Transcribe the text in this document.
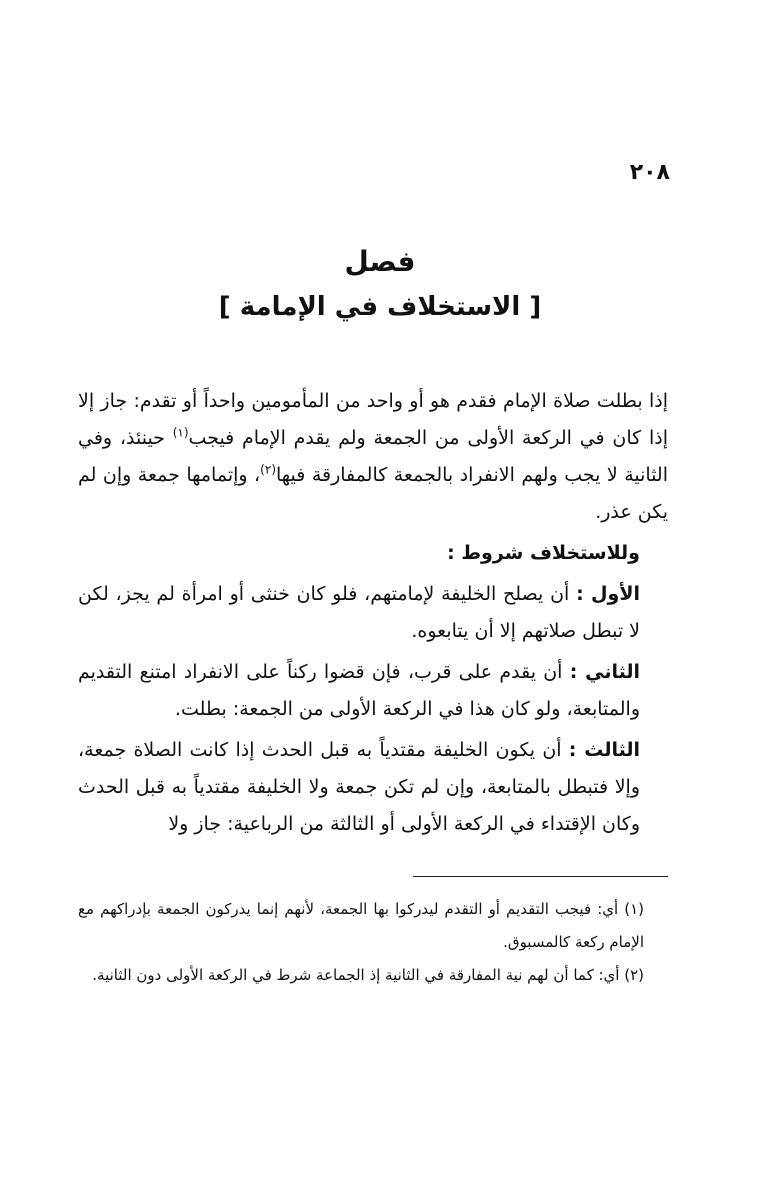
٢٠٨
فصل
[ الاستخلاف في الإمامة ]

إذا بطلت صلاة الإمام فقدم هو أو واحد من المأمومين واحداً أو تقدم: جاز إلا إذا كان في الركعة الأولى من الجمعة ولم يقدم الإمام فيجب$^{(١)}$ حينئذ، وفي الثانية لا يجب ولهم الانفراد بالجمعة كالمفارقة فيها$^{(٢)}$، وإتمامها جمعة وإن لم يكن عذر.

وللاستخلاف شروط :

الأول : أن يصلح الخليفة لإمامتهم، فلو كان خنثى أو امرأة لم يجز، لكن لا تبطل صلاتهم إلا أن يتابعوه.

الثاني : أن يقدم على قرب، فإن قضوا ركناً على الانفراد امتنع التقديم والمتابعة، ولو كان هذا في الركعة الأولى من الجمعة: بطلت.

الثالث : أن يكون الخليفة مقتدياً به قبل الحدث إذا كانت الصلاة جمعة، وإلا فتبطل بالمتابعة، وإن لم تكن جمعة ولا الخليفة مقتدياً به قبل الحدث وكان الإقتداء في الركعة الأولى أو الثالثة من الرباعية: جاز ولا

(١) أي: فيجب التقديم أو التقدم ليدركوا بها الجمعة، لأنهم إنما يدركون الجمعة بإدراكهم مع الإمام ركعة كالمسبوق.

(٢) أي: كما أن لهم نية المفارقة في الثانية إذ الجماعة شرط في الركعة الأولى دون الثانية.
